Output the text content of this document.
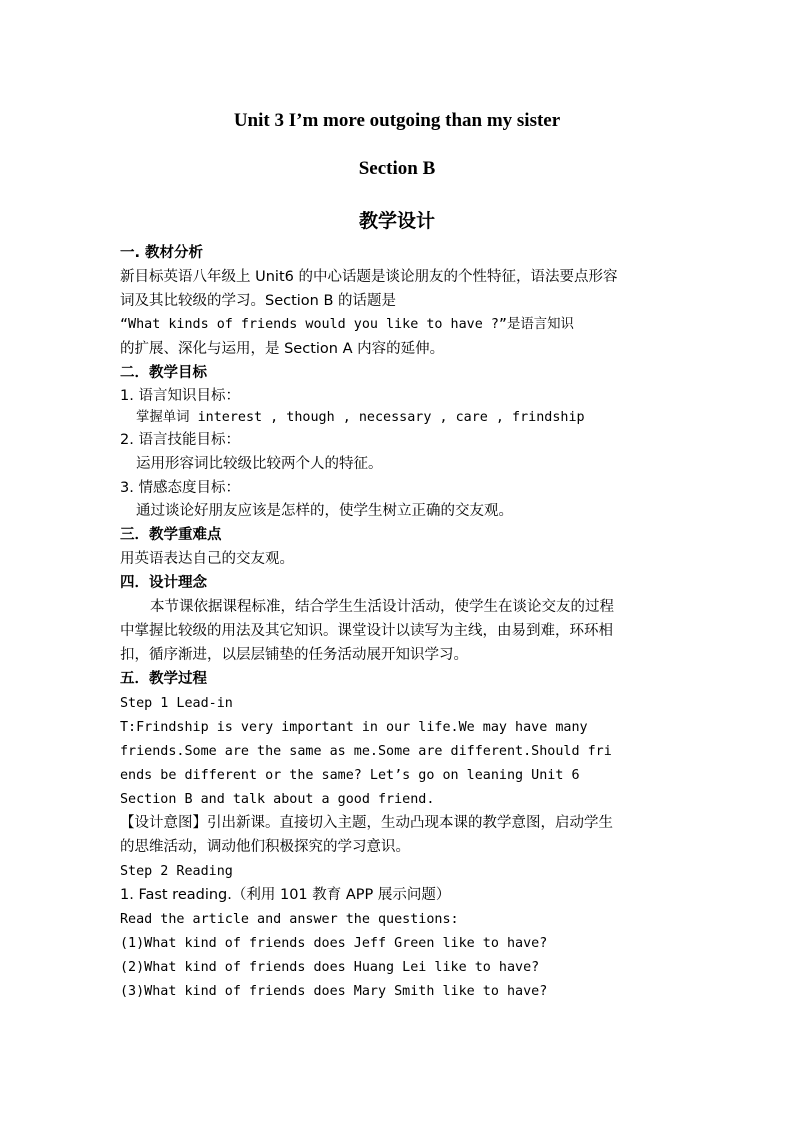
Unit 3 I’m more outgoing than my sister
Section B
教学设计
一. 教材分析
新目标英语八年级上 Unit6 的中心话题是谈论朋友的个性特征，语法要点形容
词及其比较级的学习。Section B 的话题是
“What kinds of friends would you like to have ?”是语言知识
的扩展、深化与运用，是 Section A 内容的延伸。
二．教学目标
1. 语言知识目标：
掌握单词 interest , though , necessary , care , frindship
2. 语言技能目标：
运用形容词比较级比较两个人的特征。
3. 情感态度目标：
通过谈论好朋友应该是怎样的，使学生树立正确的交友观。
三．教学重难点
用英语表达自己的交友观。
四．设计理念
本节课依据课程标准，结合学生生活设计活动，使学生在谈论交友的过程
中掌握比较级的用法及其它知识。课堂设计以读写为主线，由易到难，环环相
扣，循序渐进，以层层铺垫的任务活动展开知识学习。
五．教学过程
Step 1 Lead-in
T:Frindship is very important in our life.We may have many
friends.Some are the same as me.Some are different.Should fri
ends be different or the same? Let’s go on leaning Unit 6
Section B and talk about a good friend.
【设计意图】引出新课。直接切入主题，生动凸现本课的教学意图，启动学生
的思维活动，调动他们积极探究的学习意识。
Step 2 Reading
1. Fast reading.（利用 101 教育 APP 展示问题）
Read the article and answer the questions:
(1)What kind of friends does Jeff Green like to have?
(2)What kind of friends does Huang Lei like to have?
(3)What kind of friends does Mary Smith like to have?
